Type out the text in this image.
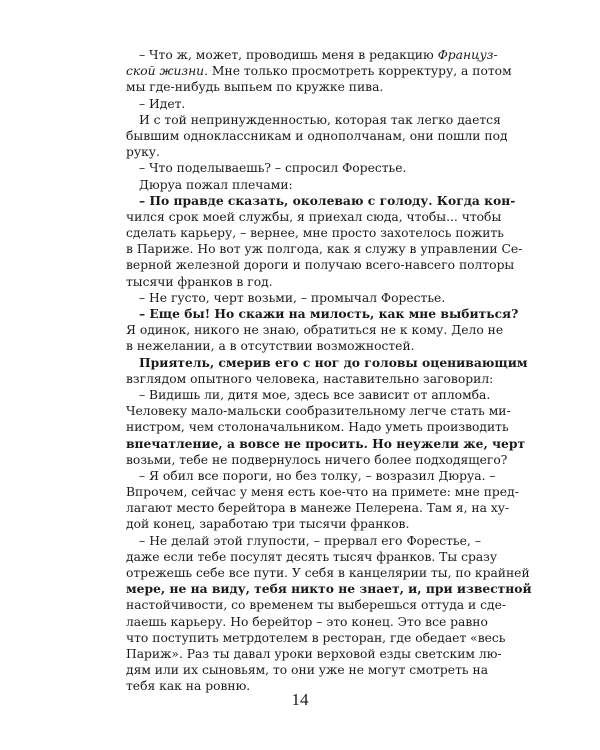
– Что ж, может, проводишь меня в редакцию Француз-
ской жизни. Мне только просмотреть корректуру, а потом
мы где-нибудь выпьем по кружке пива.
– Идет.
И с той непринужденностью, которая так легко дается
бывшим одноклассникам и однополчанам, они пошли под
руку.
– Что поделываешь? – спросил Форестье.
Дюруа пожал плечами:
– По правде сказать, околеваю с голоду. Когда кон-
чился срок моей службы, я приехал сюда, чтобы... чтобы
сделать карьеру, – вернее, мне просто захотелось пожить
в Париже. Но вот уж полгода, как я служу в управлении Се-
верной железной дороги и получаю всего-навсего полторы
тысячи франков в год.
– Не густо, черт возьми, – промычал Форестье.
– Еще бы! Но скажи на милость, как мне выбиться?
Я одинок, никого не знаю, обратиться не к кому. Дело не
в нежелании, а в отсутствии возможностей.
Приятель, смерив его с ног до головы оценивающим
взглядом опытного человека, наставительно заговорил:
– Видишь ли, дитя мое, здесь все зависит от апломба.
Человеку мало-мальски сообразительному легче стать ми-
нистром, чем столоначальником. Надо уметь производить
впечатление, а вовсе не просить. Но неужели же, черт
возьми, тебе не подвернулось ничего более подходящего?
– Я обил все пороги, но без толку, – возразил Дюруа. –
Впрочем, сейчас у меня есть кое-что на примете: мне пред-
лагают место берейтора в манеже Пелерена. Там я, на ху-
дой конец, заработаю три тысячи франков.
– Не делай этой глупости, – прервал его Форестье, –
даже если тебе посулят десять тысяч франков. Ты сразу
отрежешь себе все пути. У себя в канцелярии ты, по крайней
мере, не на виду, тебя никто не знает, и, при известной
настойчивости, со временем ты выберешься оттуда и сде-
лаешь карьеру. Но берейтор – это конец. Это все равно
что поступить метрдотелем в ресторан, где обедает «весь
Париж». Раз ты давал уроки верховой езды светским лю-
дям или их сыновьям, то они уже не могут смотреть на
тебя как на ровню.
14
